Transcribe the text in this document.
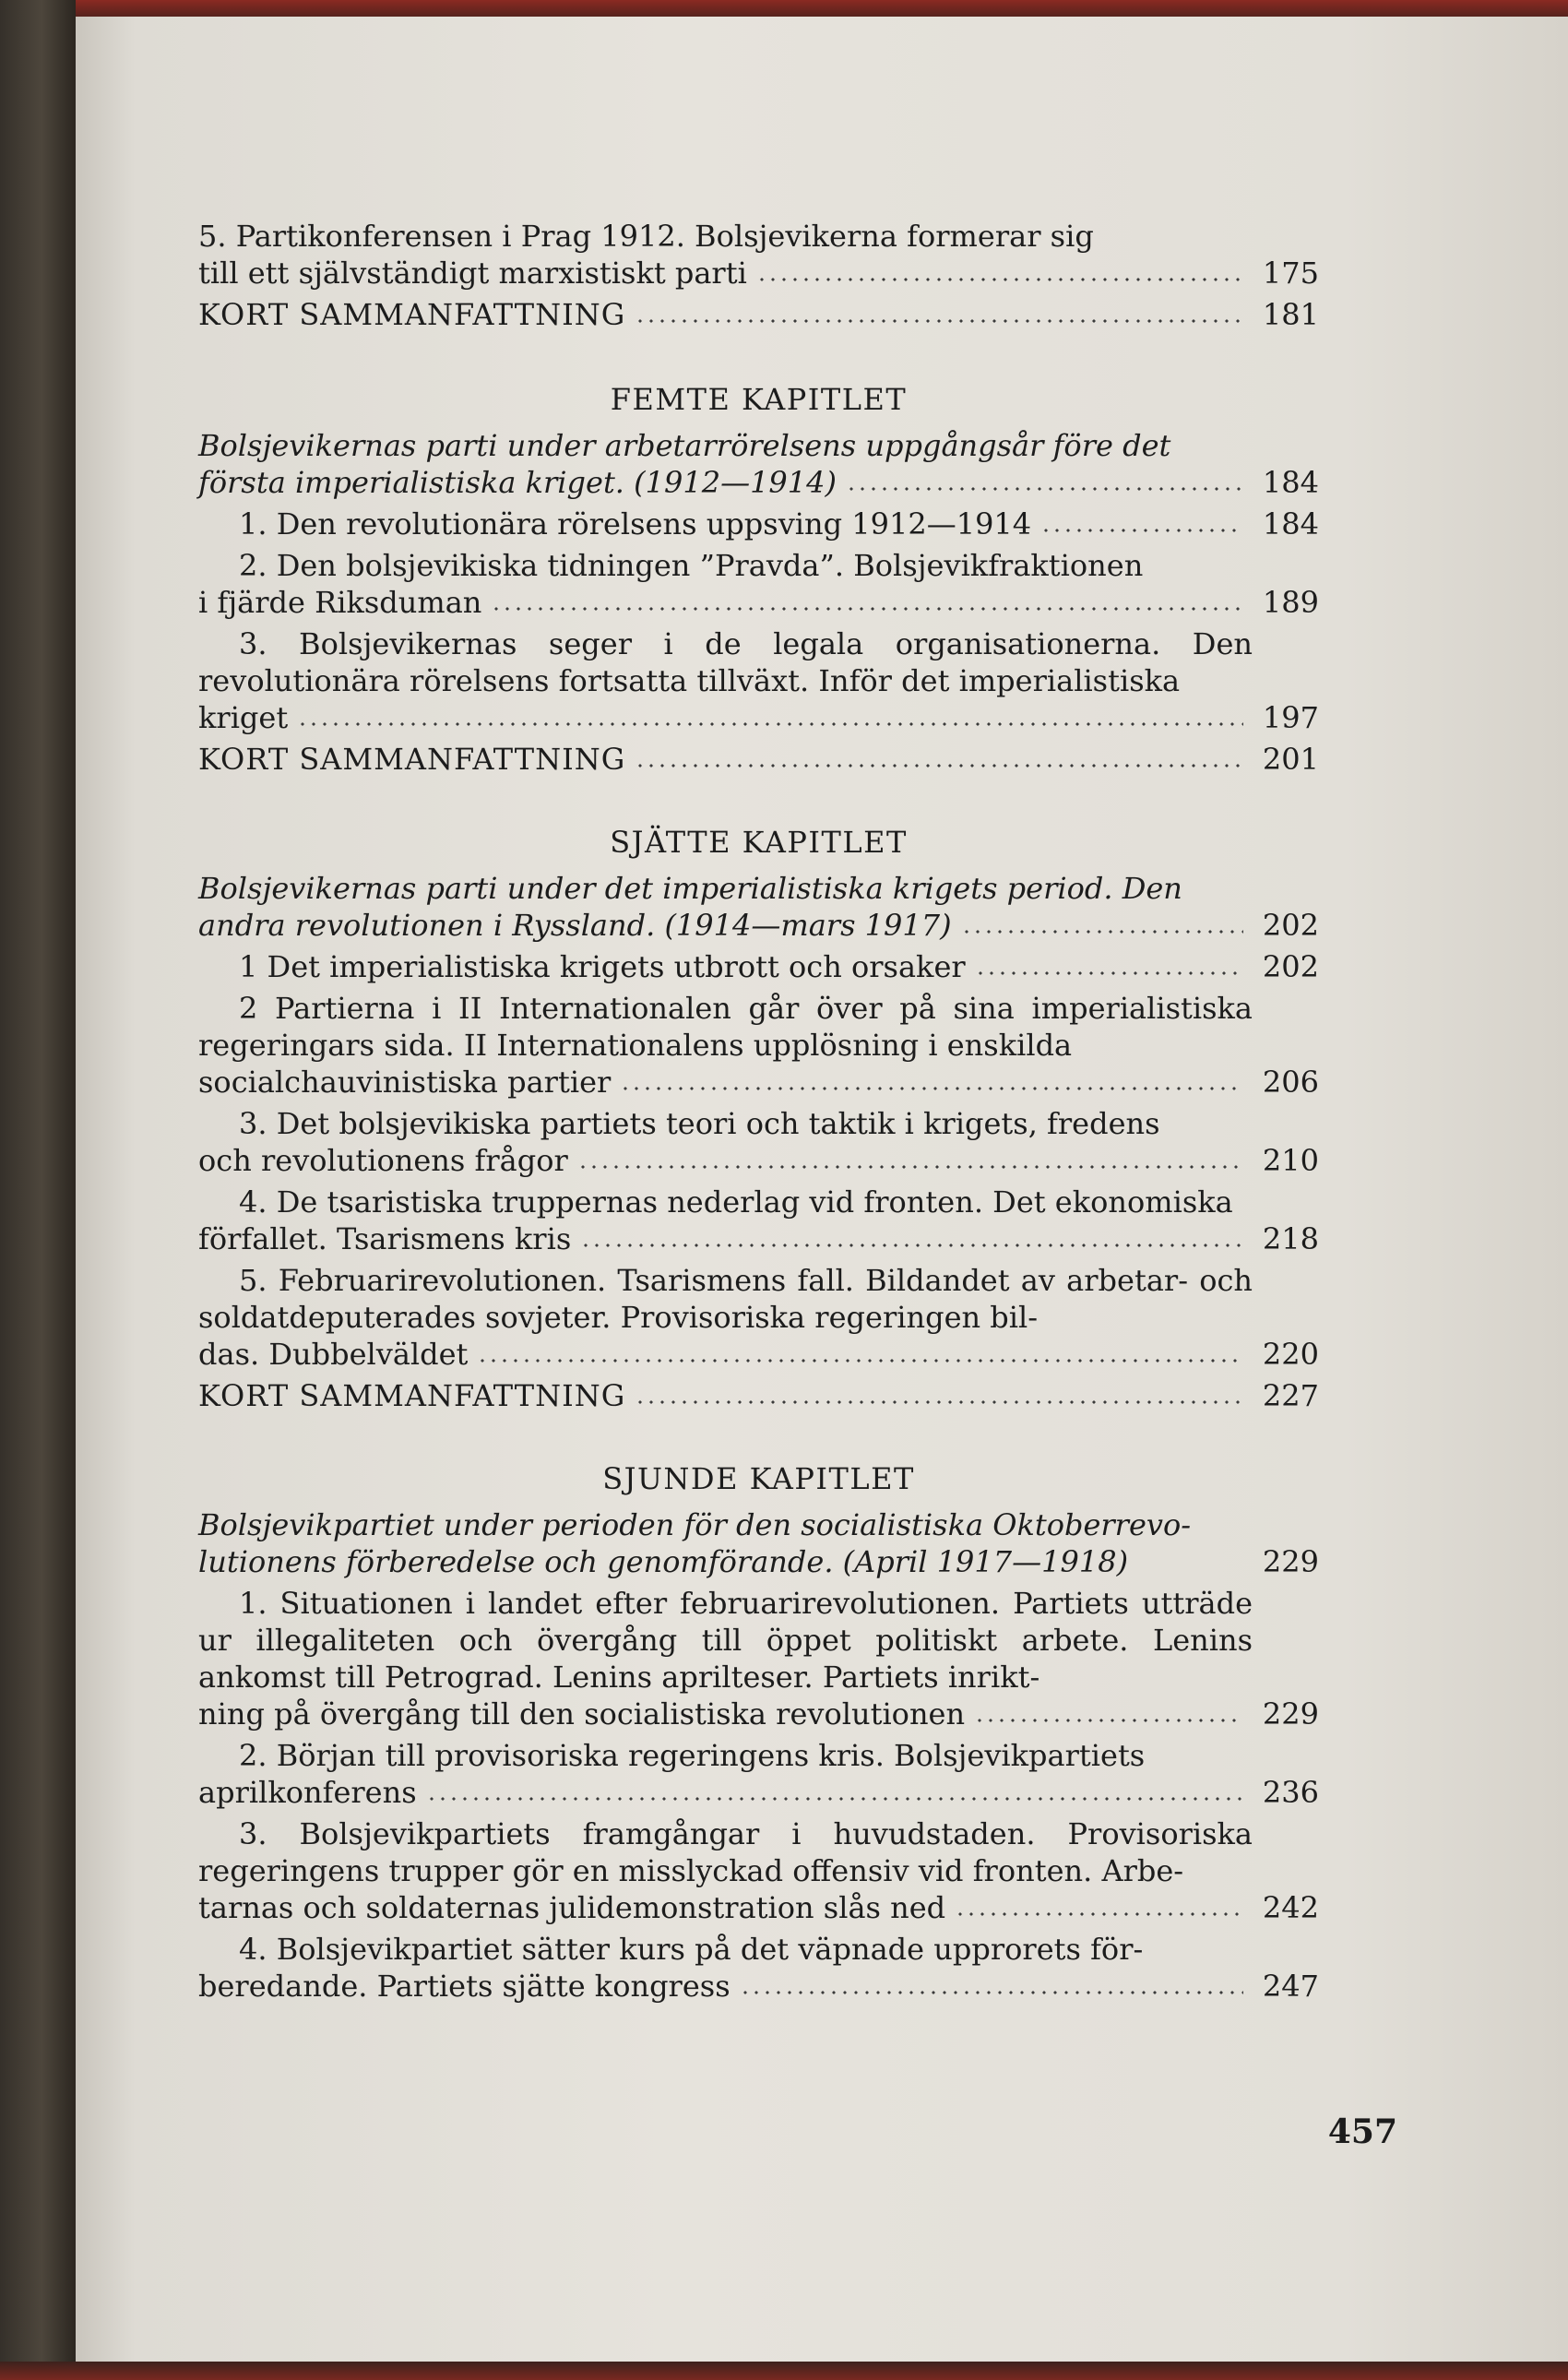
5. Partikonferensen i Prag 1912. Bolsjevikerna formerar sig
till ett självständigt marxistiskt parti	175
KORT SAMMANFATTNING	181
FEMTE KAPITLET
Bolsjevikernas parti under arbetarrörelsens uppgångsår före det
första imperialistiska kriget. (1912—1914)	184
1. Den revolutionära rörelsens uppsving 1912—1914	184
2. Den bolsjevikiska tidningen ”Pravda”. Bolsjevikfraktionen
i fjärde Riksduman	189
3. Bolsjevikernas seger i de legala organisationerna. Den revolutionära rörelsens fortsatta tillväxt. Inför det imperialistiska
kriget	197
KORT SAMMANFATTNING	201
SJÄTTE KAPITLET
Bolsjevikernas parti under det imperialistiska krigets period. Den
andra revolutionen i Ryssland. (1914—mars 1917)	202
1 Det imperialistiska krigets utbrott och orsaker	202
2 Partierna i II Internationalen går över på sina imperialistiska regeringars sida. II Internationalens upplösning i enskilda
socialchauvinistiska partier	206
3. Det bolsjevikiska partiets teori och taktik i krigets, fredens
och revolutionens frågor	210
4. De tsaristiska truppernas nederlag vid fronten. Det ekonomiska
förfallet. Tsarismens kris	218
5. Februarirevolutionen. Tsarismens fall. Bildandet av arbetar- och soldatdeputerades sovjeter. Provisoriska regeringen bil-
das. Dubbelväldet	220
KORT SAMMANFATTNING	227
SJUNDE KAPITLET
Bolsjevikpartiet under perioden för den socialistiska Oktoberrevo-
lutionens förberedelse och genomförande. (April 1917—1918)	229
1. Situationen i landet efter februarirevolutionen. Partiets utträde ur illegaliteten och övergång till öppet politiskt arbete. Lenins ankomst till Petrograd. Lenins aprilteser. Partiets inrikt-
ning på övergång till den socialistiska revolutionen	229
2. Början till provisoriska regeringens kris. Bolsjevikpartiets
aprilkonferens	236
3. Bolsjevikpartiets framgångar i huvudstaden. Provisoriska regeringens trupper gör en misslyckad offensiv vid fronten. Arbe-
tarnas och soldaternas julidemonstration slås ned	242
4. Bolsjevikpartiet sätter kurs på det väpnade upprorets för-
beredande. Partiets sjätte kongress	247
457
